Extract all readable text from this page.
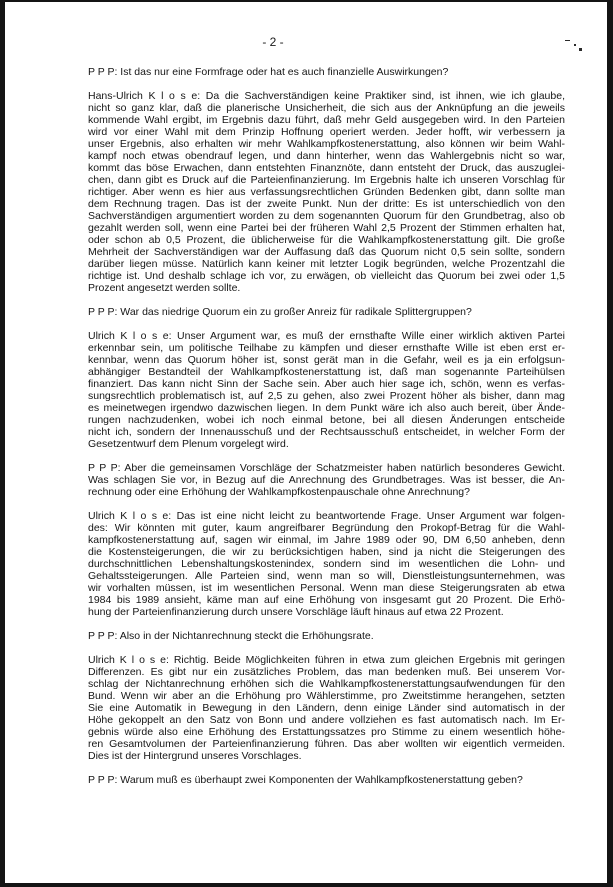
- 2 -
P P P: Ist das nur eine Formfrage oder hat es auch finanzielle Auswirkungen?
Hans-Ulrich K l o s e: Da die Sachverständigen keine Praktiker sind, ist ihnen, wie ich glaube,
nicht so ganz klar, daß die planerische Unsicherheit, die sich aus der Anknüpfung an die jeweils
kommende Wahl ergibt, im Ergebnis dazu führt, daß mehr Geld ausgegeben wird. In den Parteien
wird vor einer Wahl mit dem Prinzip Hoffnung operiert werden. Jeder hofft, wir verbessern ja
unser Ergebnis, also erhalten wir mehr Wahlkampfkostenerstattung, also können wir beim Wahl-
kampf noch etwas obendrauf legen, und dann hinterher, wenn das Wahlergebnis nicht so war,
kommt das böse Erwachen, dann entstehten Finanznöte, dann entsteht der Druck, das auszuglei-
chen, dann gibt es Druck auf die Parteienfinanzierung. Im Ergebnis halte ich unseren Vorschlag für
richtiger. Aber wenn es hier aus verfassungsrechtlichen Gründen Bedenken gibt, dann sollte man
dem Rechnung tragen. Das ist der zweite Punkt. Nun der dritte: Es ist unterschiedlich von den
Sachverständigen argumentiert worden zu dem sogenannten Quorum für den Grundbetrag, also ob
gezahlt werden soll, wenn eine Partei bei der früheren Wahl 2,5 Prozent der Stimmen erhalten hat,
oder schon ab 0,5 Prozent, die üblicherweise für die Wahlkampfkostenerstattung gilt. Die große
Mehrheit der Sachverständigen war der Auffasung daß das Quorum nicht 0,5 sein sollte, sondern
darüber liegen müsse. Natürlich kann keiner mit letzter Logik begründen, welche Prozentzahl die
richtige ist. Und deshalb schlage ich vor, zu erwägen, ob vielleicht das Quorum bei zwei oder 1,5
Prozent angesetzt werden sollte.
P P P: War das niedrige Quorum ein zu großer Anreiz für radikale Splittergruppen?
Ulrich K l o s e: Unser Argument war, es muß der ernsthafte Wille einer wirklich aktiven Partei
erkennbar sein, um politische Teilhabe zu kämpfen und dieser ernsthafte Wille ist eben erst er-
kennbar, wenn das Quorum höher ist, sonst gerät man in die Gefahr, weil es ja ein erfolgsun-
abhängiger Bestandteil der Wahlkampfkostenerstattung ist, daß man sogenannte Parteihülsen
finanziert. Das kann nicht Sinn der Sache sein. Aber auch hier sage ich, schön, wenn es verfas-
sungsrechtlich problematisch ist, auf 2,5 zu gehen, also zwei Prozent höher als bisher, dann mag
es meinetwegen irgendwo dazwischen liegen. In dem Punkt wäre ich also auch bereit, über Ände-
rungen nachzudenken, wobei ich noch einmal betone, bei all diesen Änderungen entscheide
nicht ich, sondern der Innenausschuß und der Rechtsausschuß entscheidet, in welcher Form der
Gesetzentwurf dem Plenum vorgelegt wird.
P P P: Aber die gemeinsamen Vorschläge der Schatzmeister haben natürlich besonderes Gewicht.
Was schlagen Sie vor, in Bezug auf die Anrechnung des Grundbetrages. Was ist besser, die An-
rechnung oder eine Erhöhung der Wahlkampfkostenpauschale ohne Anrechnung?
Ulrich K l o s e: Das ist eine nicht leicht zu beantwortende Frage. Unser Argument war folgen-
des: Wir könnten mit guter, kaum angreifbarer Begründung den Prokopf-Betrag für die Wahl-
kampfkostenerstattung auf, sagen wir einmal, im Jahre 1989 oder 90, DM 6,50 anheben, denn
die Kostensteigerungen, die wir zu berücksichtigen haben, sind ja nicht die Steigerungen des
durchschnittlichen Lebenshaltungskostenindex, sondern sind im wesentlichen die Lohn- und
Gehaltssteigerungen. Alle Parteien sind, wenn man so will, Dienstleistungsunternehmen, was
wir vorhalten müssen, ist im wesentlichen Personal. Wenn man diese Steigerungsraten ab etwa
1984 bis 1989 ansieht, käme man auf eine Erhöhung von insgesamt gut 20 Prozent. Die Erhö-
hung der Parteienfinanzierung durch unsere Vorschläge läuft hinaus auf etwa 22 Prozent.
P P P: Also in der Nichtanrechnung steckt die Erhöhungsrate.
Ulrich K l o s e: Richtig. Beide Möglichkeiten führen in etwa zum gleichen Ergebnis mit geringen
Differenzen. Es gibt nur ein zusätzliches Problem, das man bedenken muß. Bei unserem Vor-
schlag der Nichtanrechnung erhöhen sich die Wahlkampfkostenerstattungsaufwendungen für den
Bund. Wenn wir aber an die Erhöhung pro Wählerstimme, pro Zweitstimme herangehen, setzten
Sie eine Automatik in Bewegung in den Ländern, denn einige Länder sind automatisch in der
Höhe gekoppelt an den Satz von Bonn und andere vollziehen es fast automatisch nach. Im Er-
gebnis würde also eine Erhöhung des Erstattungssatzes pro Stimme zu einem wesentlich höhe-
ren Gesamtvolumen der Parteienfinanzierung führen. Das aber wollten wir eigentlich vermeiden.
Dies ist der Hintergrund unseres Vorschlages.
P P P: Warum muß es überhaupt zwei Komponenten der Wahlkampfkostenerstattung geben?
